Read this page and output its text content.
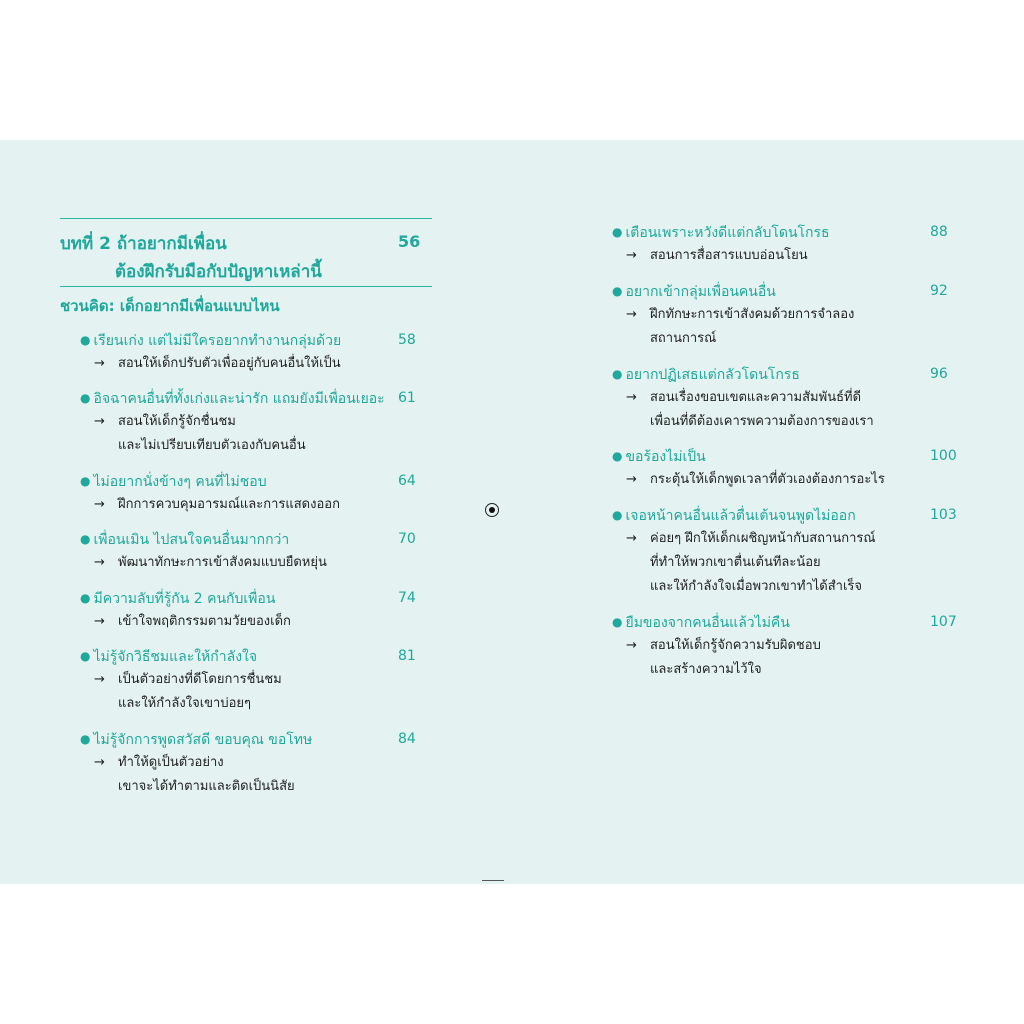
บทที่ 2 ถ้าอยากมีเพื่อน
ต้องฝึกรับมือกับปัญหาเหล่านี้
56
ชวนคิด: เด็กอยากมีเพื่อนแบบไหน
● เรียนเก่ง แต่ไม่มีใครอยากทำงานกลุ่มด้วย	58
→ สอนให้เด็กปรับตัวเพื่ออยู่กับคนอื่นให้เป็น
● อิจฉาคนอื่นที่ทั้งเก่งและน่ารัก แถมยังมีเพื่อนเยอะ 61
→ สอนให้เด็กรู้จักชื่นชม
และไม่เปรียบเทียบตัวเองกับคนอื่น
● ไม่อยากนั่งข้างๆ คนที่ไม่ชอบ	64
→ ฝึกการควบคุมอารมณ์และการแสดงออก
● เพื่อนเมิน ไปสนใจคนอื่นมากกว่า	70
→ พัฒนาทักษะการเข้าสังคมแบบยืดหยุ่น
● มีความลับที่รู้กัน 2 คนกับเพื่อน	74
→ เข้าใจพฤติกรรมตามวัยของเด็ก
● ไม่รู้จักวิธีชมและให้กำลังใจ	81
→ เป็นตัวอย่างที่ดีโดยการชื่นชม
และให้กำลังใจเขาบ่อยๆ
● ไม่รู้จักการพูดสวัสดี ขอบคุณ ขอโทษ	84
→ ทำให้ดูเป็นตัวอย่าง
เขาจะได้ทำตามและติดเป็นนิสัย
● เตือนเพราะหวังดีแต่กลับโดนโกรธ	88
→ สอนการสื่อสารแบบอ่อนโยน
● อยากเข้ากลุ่มเพื่อนคนอื่น	92
→ ฝึกทักษะการเข้าสังคมด้วยการจำลอง
สถานการณ์
● อยากปฏิเสธแต่กลัวโดนโกรธ	96
→ สอนเรื่องขอบเขตและความสัมพันธ์ที่ดี
เพื่อนที่ดีต้องเคารพความต้องการของเรา
● ขอร้องไม่เป็น	100
→ กระตุ้นให้เด็กพูดเวลาที่ตัวเองต้องการอะไร
● เจอหน้าคนอื่นแล้วตื่นเต้นจนพูดไม่ออก	103
→ ค่อยๆ ฝึกให้เด็กเผชิญหน้ากับสถานการณ์
ที่ทำให้พวกเขาตื่นเต้นทีละน้อย
และให้กำลังใจเมื่อพวกเขาทำได้สำเร็จ
● ยืมของจากคนอื่นแล้วไม่คืน	107
→ สอนให้เด็กรู้จักความรับผิดชอบ
และสร้างความไว้ใจ
